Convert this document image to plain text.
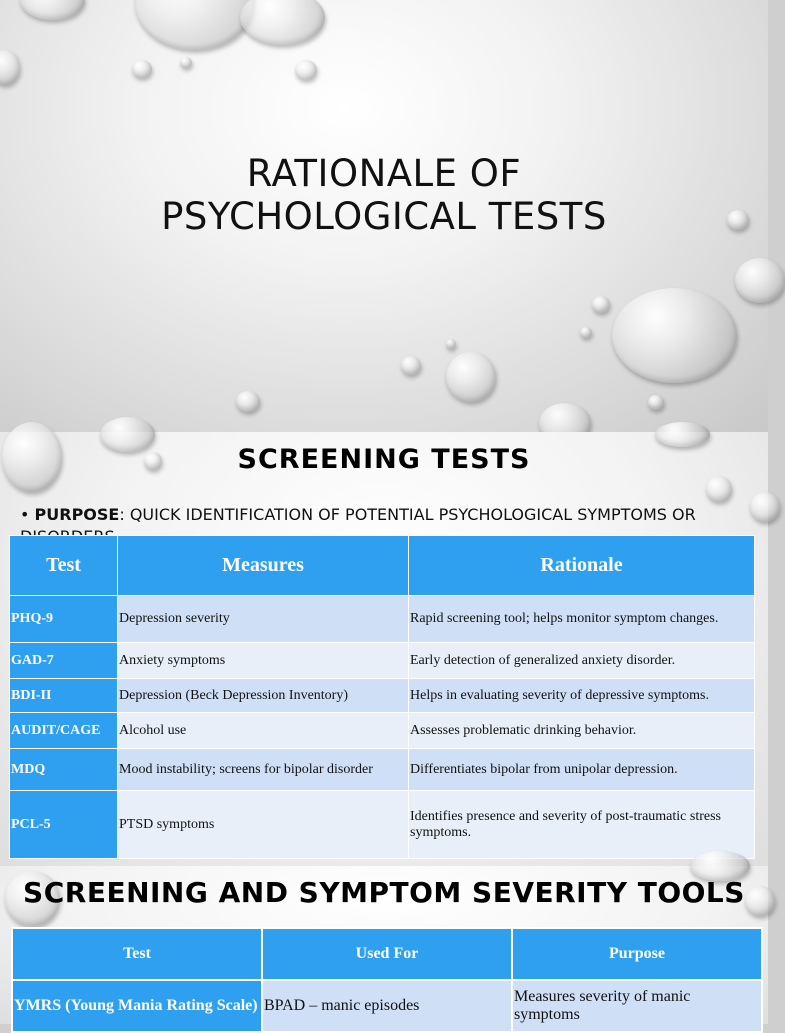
RATIONALE OF
PSYCHOLOGICAL TESTS
SCREENING TESTS
• PURPOSE: QUICK IDENTIFICATION OF POTENTIAL PSYCHOLOGICAL SYMPTOMS OR
Test	Measures	Rationale
PHQ-9	Depression severity	Rapid screening tool; helps monitor symptom changes.
GAD-7	Anxiety symptoms	Early detection of generalized anxiety disorder.
BDI-II	Depression (Beck Depression Inventory)	Helps in evaluating severity of depressive symptoms.
AUDIT/CAGE	Alcohol use	Assesses problematic drinking behavior.
MDQ	Mood instability; screens for bipolar disorder	Differentiates bipolar from unipolar depression.
PCL-5	PTSD symptoms	Identifies presence and severity of post-traumatic stress symptoms.
SCREENING AND SYMPTOM SEVERITY TOOLS
Test	Used For	Purpose
YMRS (Young Mania Rating Scale)	BPAD – manic episodes	Measures severity of manic symptoms
